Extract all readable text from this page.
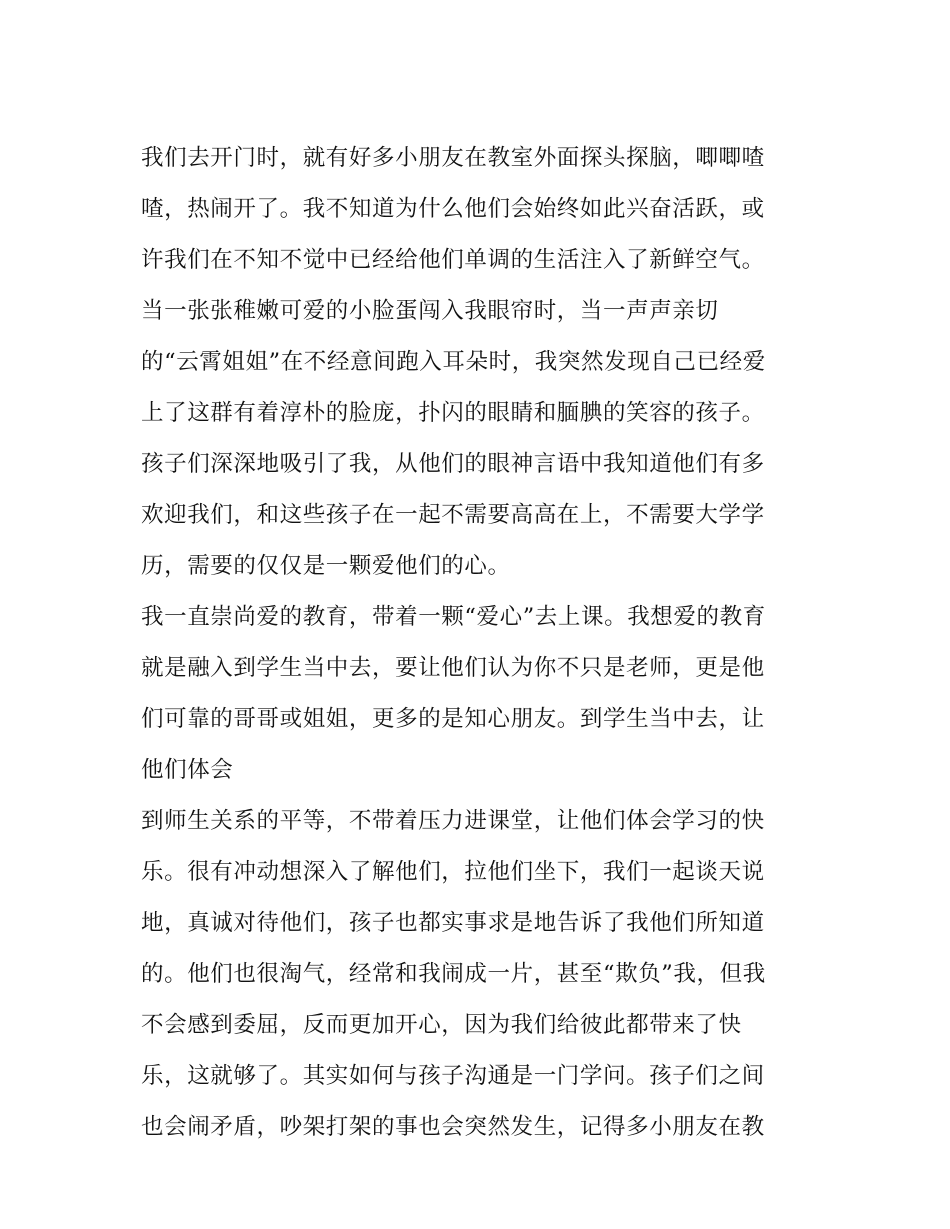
我们去开门时，就有好多小朋友在教室外面探头探脑，唧唧喳
喳，热闹开了。我不知道为什么他们会始终如此兴奋活跃，或
许我们在不知不觉中已经给他们单调的生活注入了新鲜空气。
当一张张稚嫩可爱的小脸蛋闯入我眼帘时，当一声声亲切
的“云霄姐姐”在不经意间跑入耳朵时，我突然发现自己已经爱
上了这群有着淳朴的脸庞，扑闪的眼睛和腼腆的笑容的孩子。
孩子们深深地吸引了我，从他们的眼神言语中我知道他们有多
欢迎我们，和这些孩子在一起不需要高高在上，不需要大学学
历，需要的仅仅是一颗爱他们的心。
我一直崇尚爱的教育，带着一颗“爱心”去上课。我想爱的教育
就是融入到学生当中去，要让他们认为你不只是老师，更是他
们可靠的哥哥或姐姐，更多的是知心朋友。到学生当中去，让
他们体会
到师生关系的平等，不带着压力进课堂，让他们体会学习的快
乐。很有冲动想深入了解他们，拉他们坐下，我们一起谈天说
地，真诚对待他们，孩子也都实事求是地告诉了我他们所知道
的。他们也很淘气，经常和我闹成一片，甚至“欺负”我，但我
不会感到委屈，反而更加开心，因为我们给彼此都带来了快
乐，这就够了。其实如何与孩子沟通是一门学问。孩子们之间
也会闹矛盾，吵架打架的事也会突然发生，记得多小朋友在教
